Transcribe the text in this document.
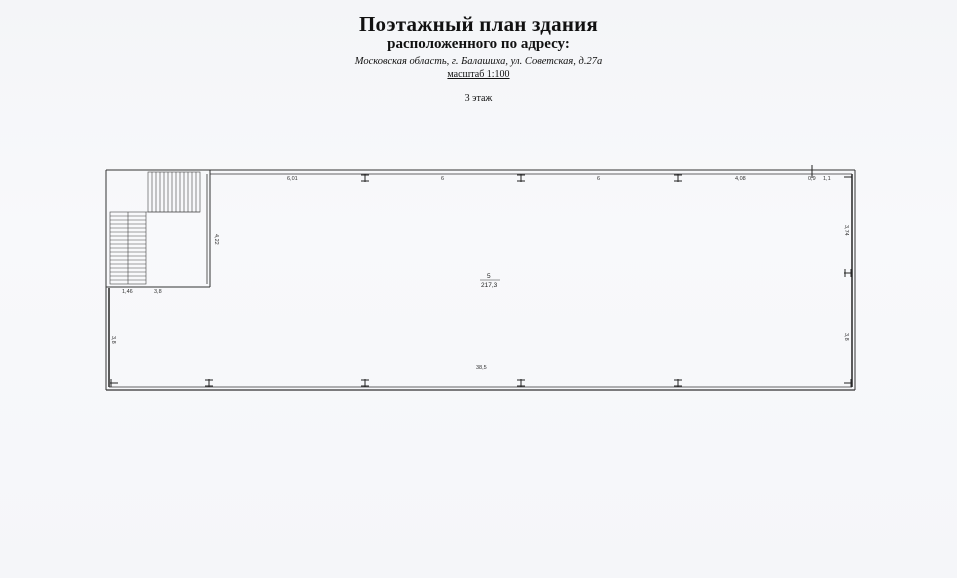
Поэтажный план здания
расположенного по адресу:
Московская область, г. Балашиха, ул. Советская, д.27а
масштаб 1:100
3 этаж
6,01	6	6	4,08	0,9 1,1
4,22
1,46	3,8
3,8
3,74
3,8
38,5
5
217,3
